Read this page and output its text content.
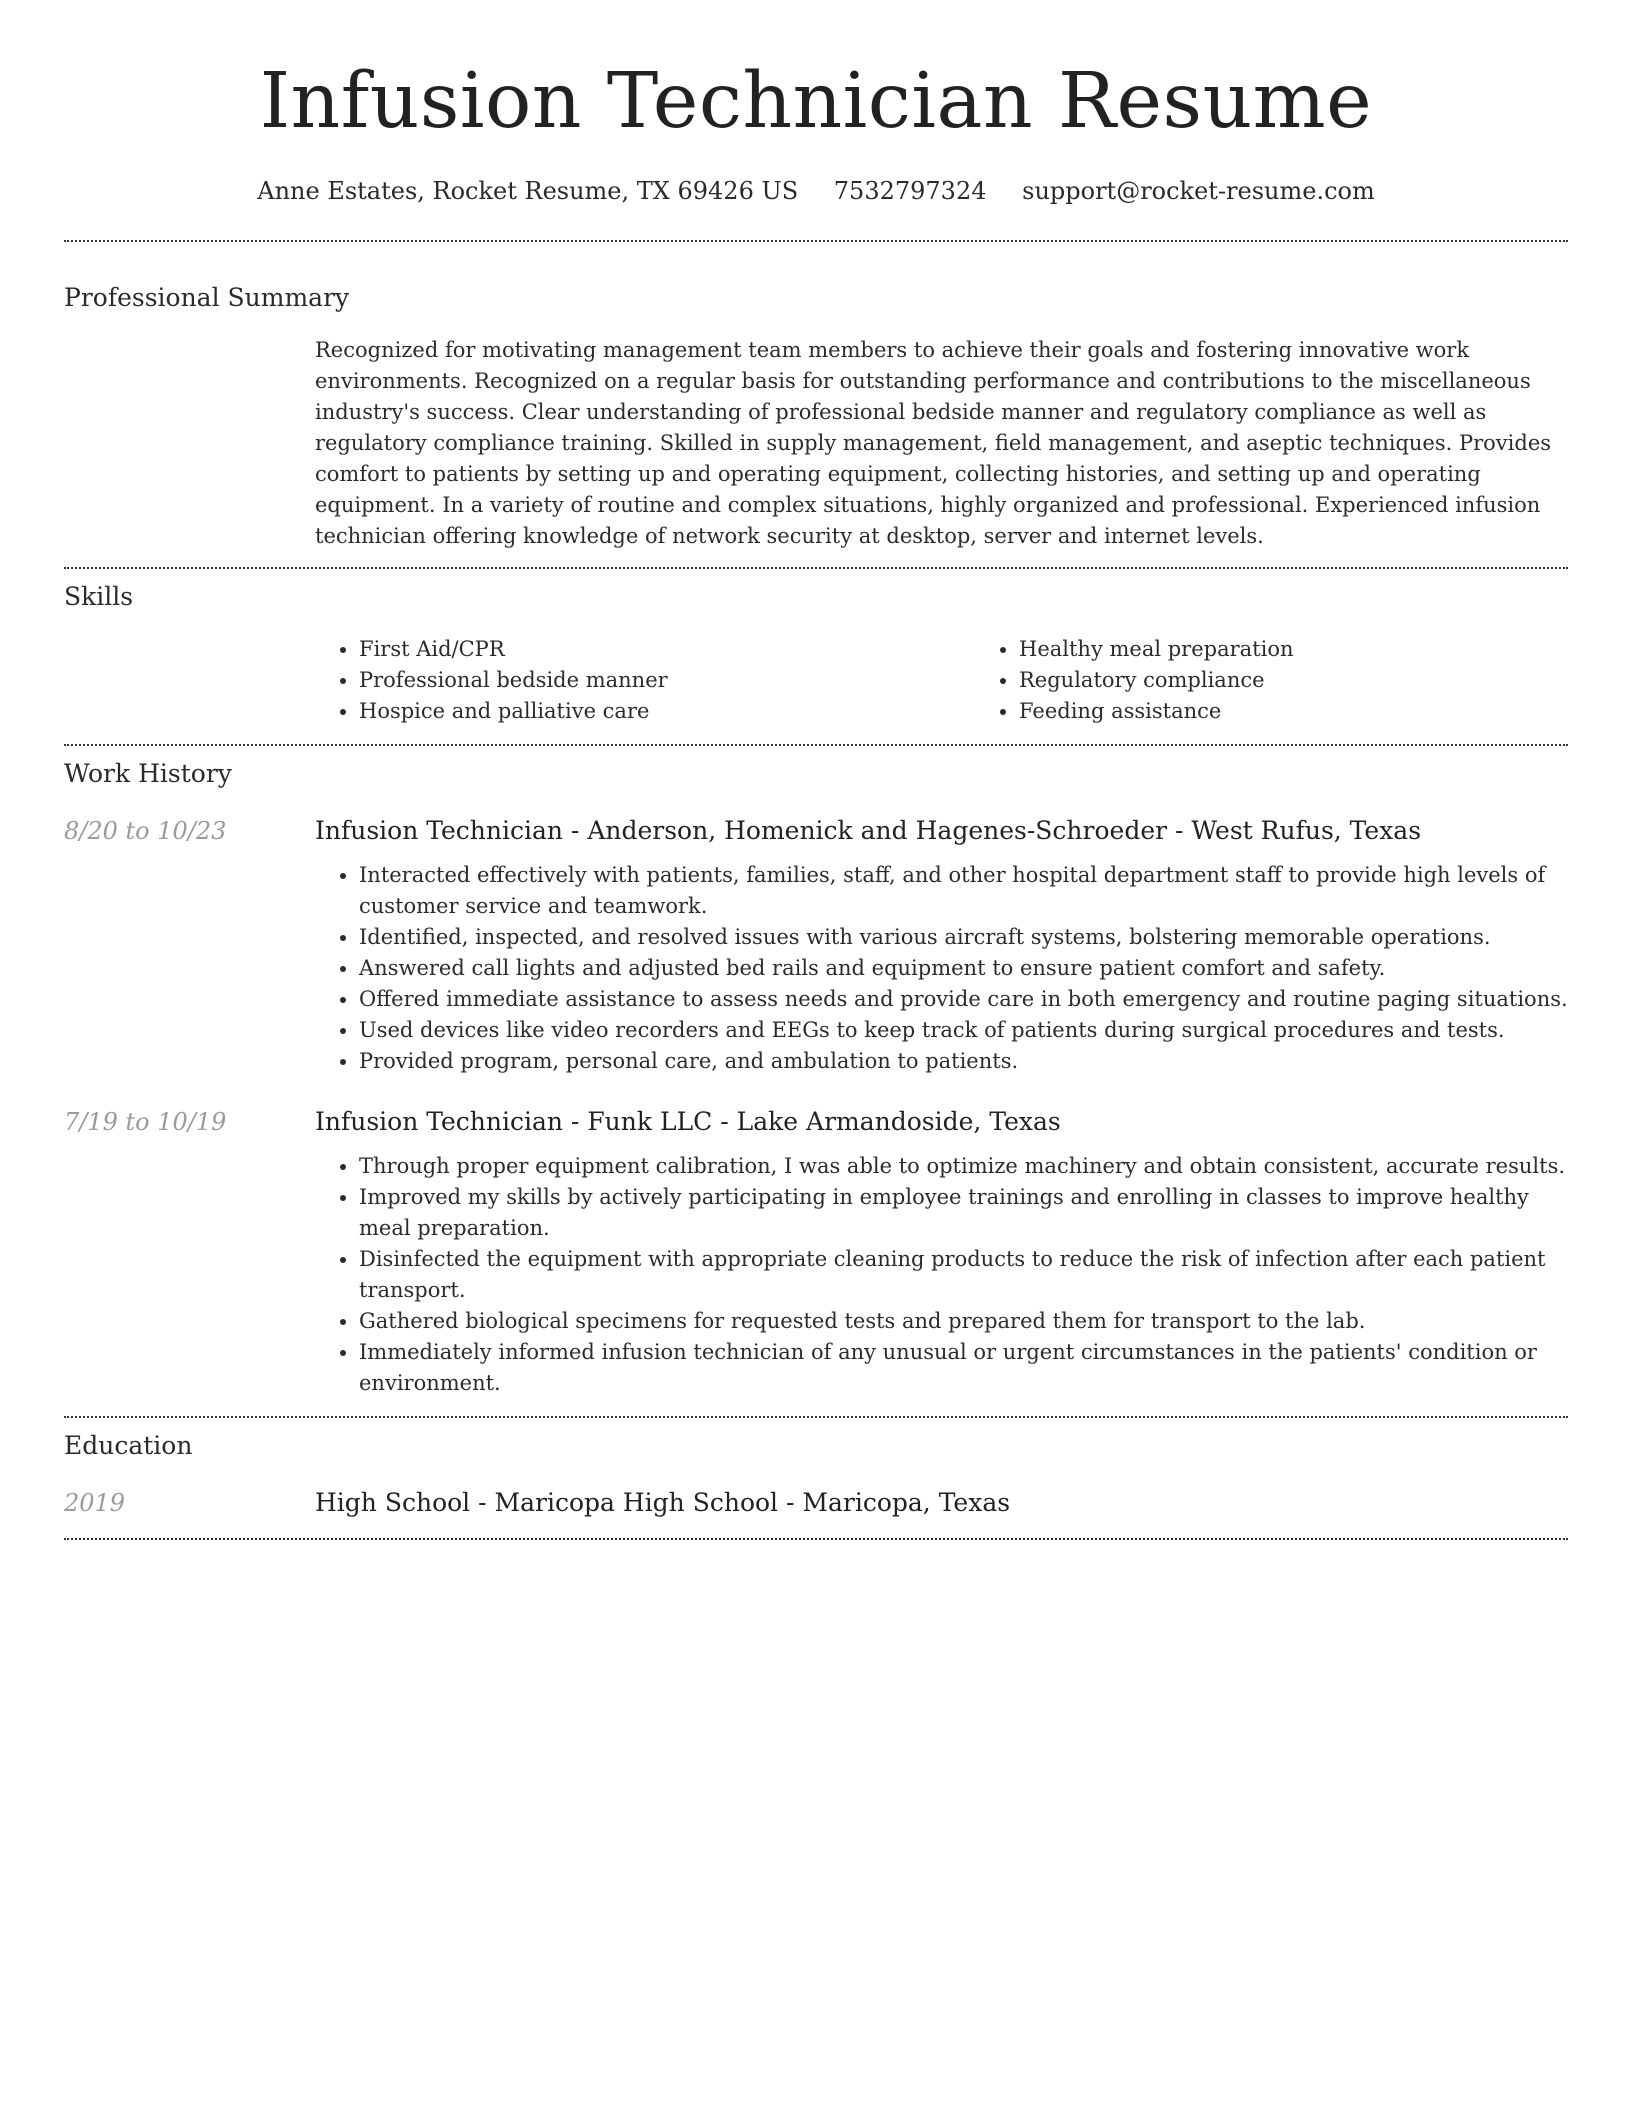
Infusion Technician Resume
Anne Estates, Rocket Resume, TX 69426 US 7532797324 support@rocket-resume.com
Professional Summary
Recognized for motivating management team members to achieve their goals and fostering innovative work environments. Recognized on a regular basis for outstanding performance and contributions to the miscellaneous industry's success. Clear understanding of professional bedside manner and regulatory compliance as well as regulatory compliance training. Skilled in supply management, field management, and aseptic techniques. Provides comfort to patients by setting up and operating equipment, collecting histories, and setting up and operating equipment. In a variety of routine and complex situations, highly organized and professional. Experienced infusion technician offering knowledge of network security at desktop, server and internet levels.
Skills
• First Aid/CPR
• Professional bedside manner
• Hospice and palliative care
• Healthy meal preparation
• Regulatory compliance
• Feeding assistance
Work History
8/20 to 10/23	Infusion Technician - Anderson, Homenick and Hagenes-Schroeder - West Rufus, Texas
• Interacted effectively with patients, families, staff, and other hospital department staff to provide high levels of customer service and teamwork.
• Identified, inspected, and resolved issues with various aircraft systems, bolstering memorable operations.
• Answered call lights and adjusted bed rails and equipment to ensure patient comfort and safety.
• Offered immediate assistance to assess needs and provide care in both emergency and routine paging situations.
• Used devices like video recorders and EEGs to keep track of patients during surgical procedures and tests.
• Provided program, personal care, and ambulation to patients.
7/19 to 10/19	Infusion Technician - Funk LLC - Lake Armandoside, Texas
• Through proper equipment calibration, I was able to optimize machinery and obtain consistent, accurate results.
• Improved my skills by actively participating in employee trainings and enrolling in classes to improve healthy meal preparation.
• Disinfected the equipment with appropriate cleaning products to reduce the risk of infection after each patient transport.
• Gathered biological specimens for requested tests and prepared them for transport to the lab.
• Immediately informed infusion technician of any unusual or urgent circumstances in the patients' condition or environment.
Education
2019	High School - Maricopa High School - Maricopa, Texas
